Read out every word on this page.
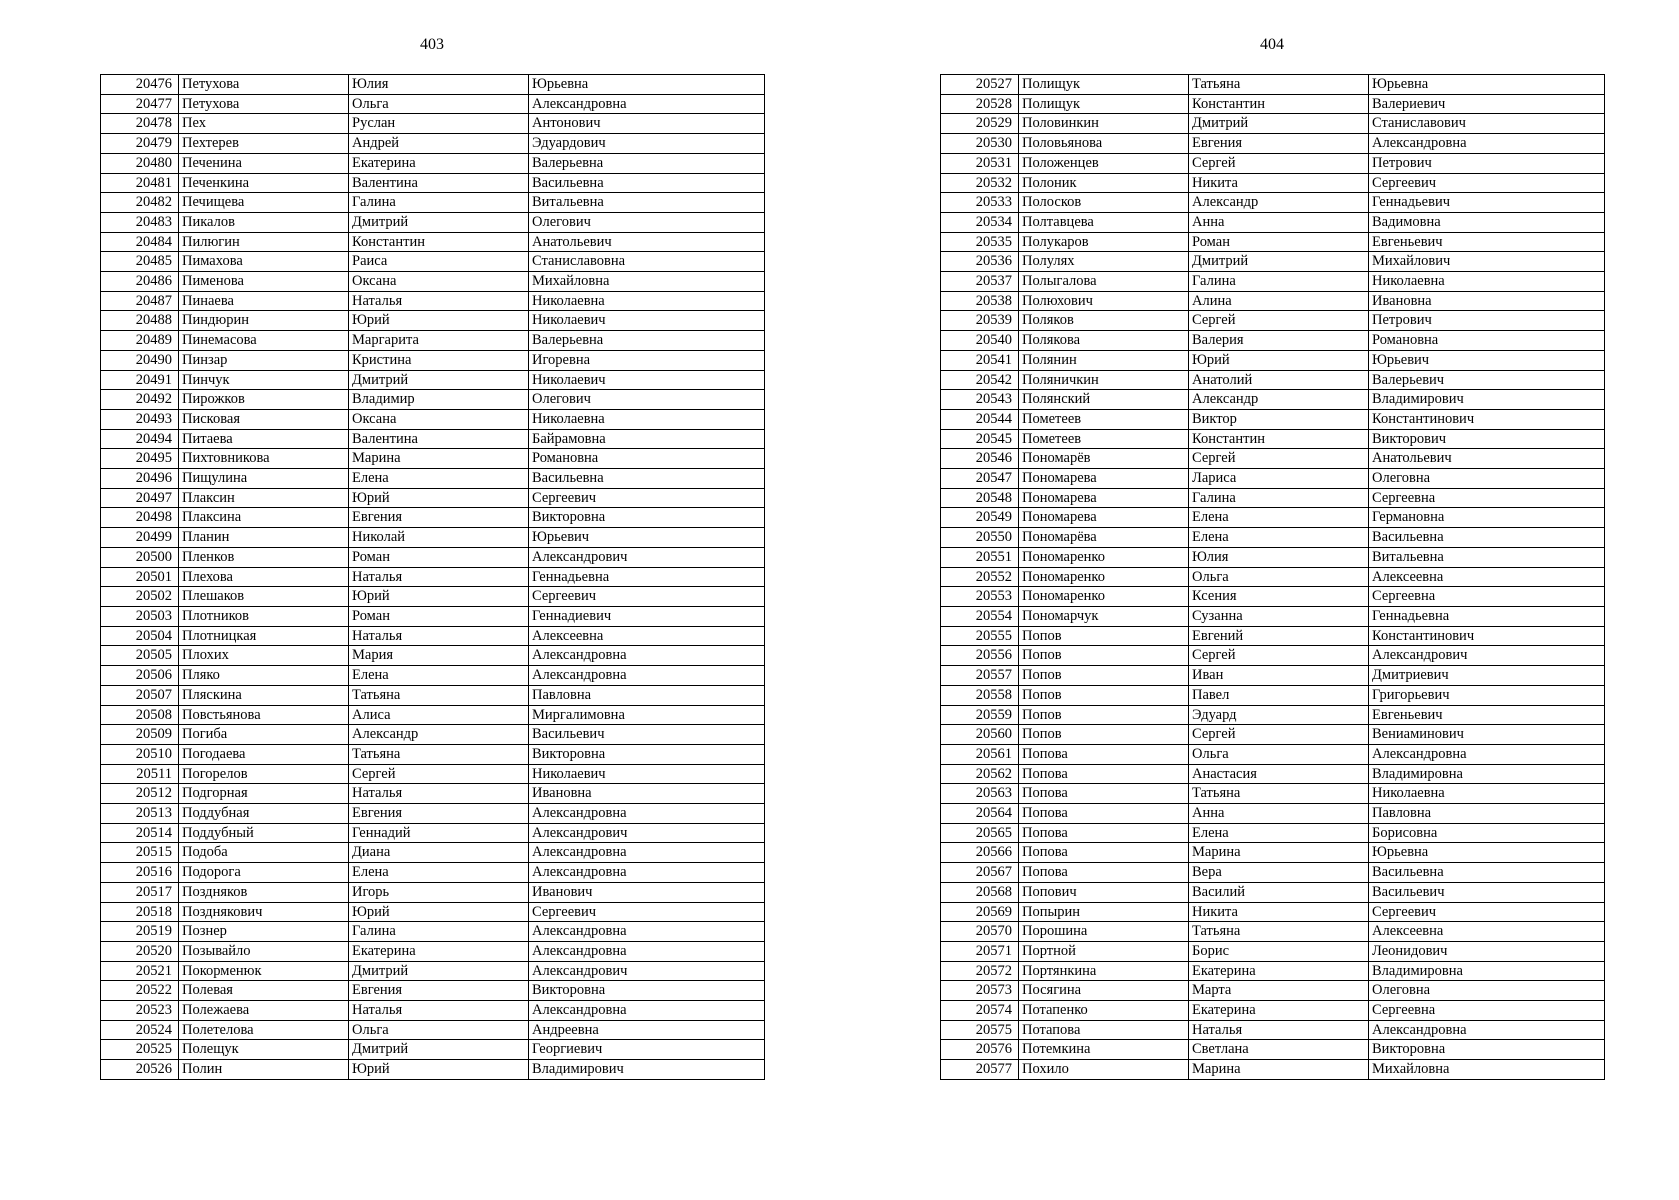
403
20476	Петухова	Юлия	Юрьевна
20477	Петухова	Ольга	Александровна
20478	Пех	Руслан	Антонович
20479	Пехтерев	Андрей	Эдуардович
20480	Печенина	Екатерина	Валерьевна
20481	Печенкина	Валентина	Васильевна
20482	Печищева	Галина	Витальевна
20483	Пикалов	Дмитрий	Олегович
20484	Пилюгин	Константин	Анатольевич
20485	Пимахова	Раиса	Станиславовна
20486	Пименова	Оксана	Михайловна
20487	Пинаева	Наталья	Николаевна
20488	Пиндюрин	Юрий	Николаевич
20489	Пинемасова	Маргарита	Валерьевна
20490	Пинзар	Кристина	Игоревна
20491	Пинчук	Дмитрий	Николаевич
20492	Пирожков	Владимир	Олегович
20493	Писковая	Оксана	Николаевна
20494	Питаева	Валентина	Байрамовна
20495	Пихтовникова	Марина	Романовна
20496	Пищулина	Елена	Васильевна
20497	Плаксин	Юрий	Сергеевич
20498	Плаксина	Евгения	Викторовна
20499	Планин	Николай	Юрьевич
20500	Пленков	Роман	Александрович
20501	Плехова	Наталья	Геннадьевна
20502	Плешаков	Юрий	Сергеевич
20503	Плотников	Роман	Геннадиевич
20504	Плотницкая	Наталья	Алексеевна
20505	Плохих	Мария	Александровна
20506	Пляко	Елена	Александровна
20507	Пляскина	Татьяна	Павловна
20508	Повстьянова	Алиса	Миргалимовна
20509	Погиба	Александр	Васильевич
20510	Погодаева	Татьяна	Викторовна
20511	Погорелов	Сергей	Николаевич
20512	Подгорная	Наталья	Ивановна
20513	Поддубная	Евгения	Александровна
20514	Поддубный	Геннадий	Александрович
20515	Подоба	Диана	Александровна
20516	Подорога	Елена	Александровна
20517	Поздняков	Игорь	Иванович
20518	Позднякович	Юрий	Сергеевич
20519	Познер	Галина	Александровна
20520	Позывайло	Екатерина	Александровна
20521	Покорменюк	Дмитрий	Александрович
20522	Полевая	Евгения	Викторовна
20523	Полежаева	Наталья	Александровна
20524	Полетелова	Ольга	Андреевна
20525	Полещук	Дмитрий	Георгиевич
20526	Полин	Юрий	Владимирович
404
20527	Полищук	Татьяна	Юрьевна
20528	Полищук	Константин	Валериевич
20529	Половинкин	Дмитрий	Станиславович
20530	Половьянова	Евгения	Александровна
20531	Положенцев	Сергей	Петрович
20532	Полоник	Никита	Сергеевич
20533	Полосков	Александр	Геннадьевич
20534	Полтавцева	Анна	Вадимовна
20535	Полукаров	Роман	Евгеньевич
20536	Полулях	Дмитрий	Михайлович
20537	Полыгалова	Галина	Николаевна
20538	Полюхович	Алина	Ивановна
20539	Поляков	Сергей	Петрович
20540	Полякова	Валерия	Романовна
20541	Полянин	Юрий	Юрьевич
20542	Поляничкин	Анатолий	Валерьевич
20543	Полянский	Александр	Владимирович
20544	Пометеев	Виктор	Константинович
20545	Пометеев	Константин	Викторович
20546	Пономарёв	Сергей	Анатольевич
20547	Пономарева	Лариса	Олеговна
20548	Пономарева	Галина	Сергеевна
20549	Пономарева	Елена	Германовна
20550	Пономарёва	Елена	Васильевна
20551	Пономаренко	Юлия	Витальевна
20552	Пономаренко	Ольга	Алексеевна
20553	Пономаренко	Ксения	Сергеевна
20554	Пономарчук	Сузанна	Геннадьевна
20555	Попов	Евгений	Константинович
20556	Попов	Сергей	Александрович
20557	Попов	Иван	Дмитриевич
20558	Попов	Павел	Григорьевич
20559	Попов	Эдуард	Евгеньевич
20560	Попов	Сергей	Вениаминович
20561	Попова	Ольга	Александровна
20562	Попова	Анастасия	Владимировна
20563	Попова	Татьяна	Николаевна
20564	Попова	Анна	Павловна
20565	Попова	Елена	Борисовна
20566	Попова	Марина	Юрьевна
20567	Попова	Вера	Васильевна
20568	Попович	Василий	Васильевич
20569	Попырин	Никита	Сергеевич
20570	Порошина	Татьяна	Алексеевна
20571	Портной	Борис	Леонидович
20572	Портянкина	Екатерина	Владимировна
20573	Посягина	Марта	Олеговна
20574	Потапенко	Екатерина	Сергеевна
20575	Потапова	Наталья	Александровна
20576	Потемкина	Светлана	Викторовна
20577	Похило	Марина	Михайловна
